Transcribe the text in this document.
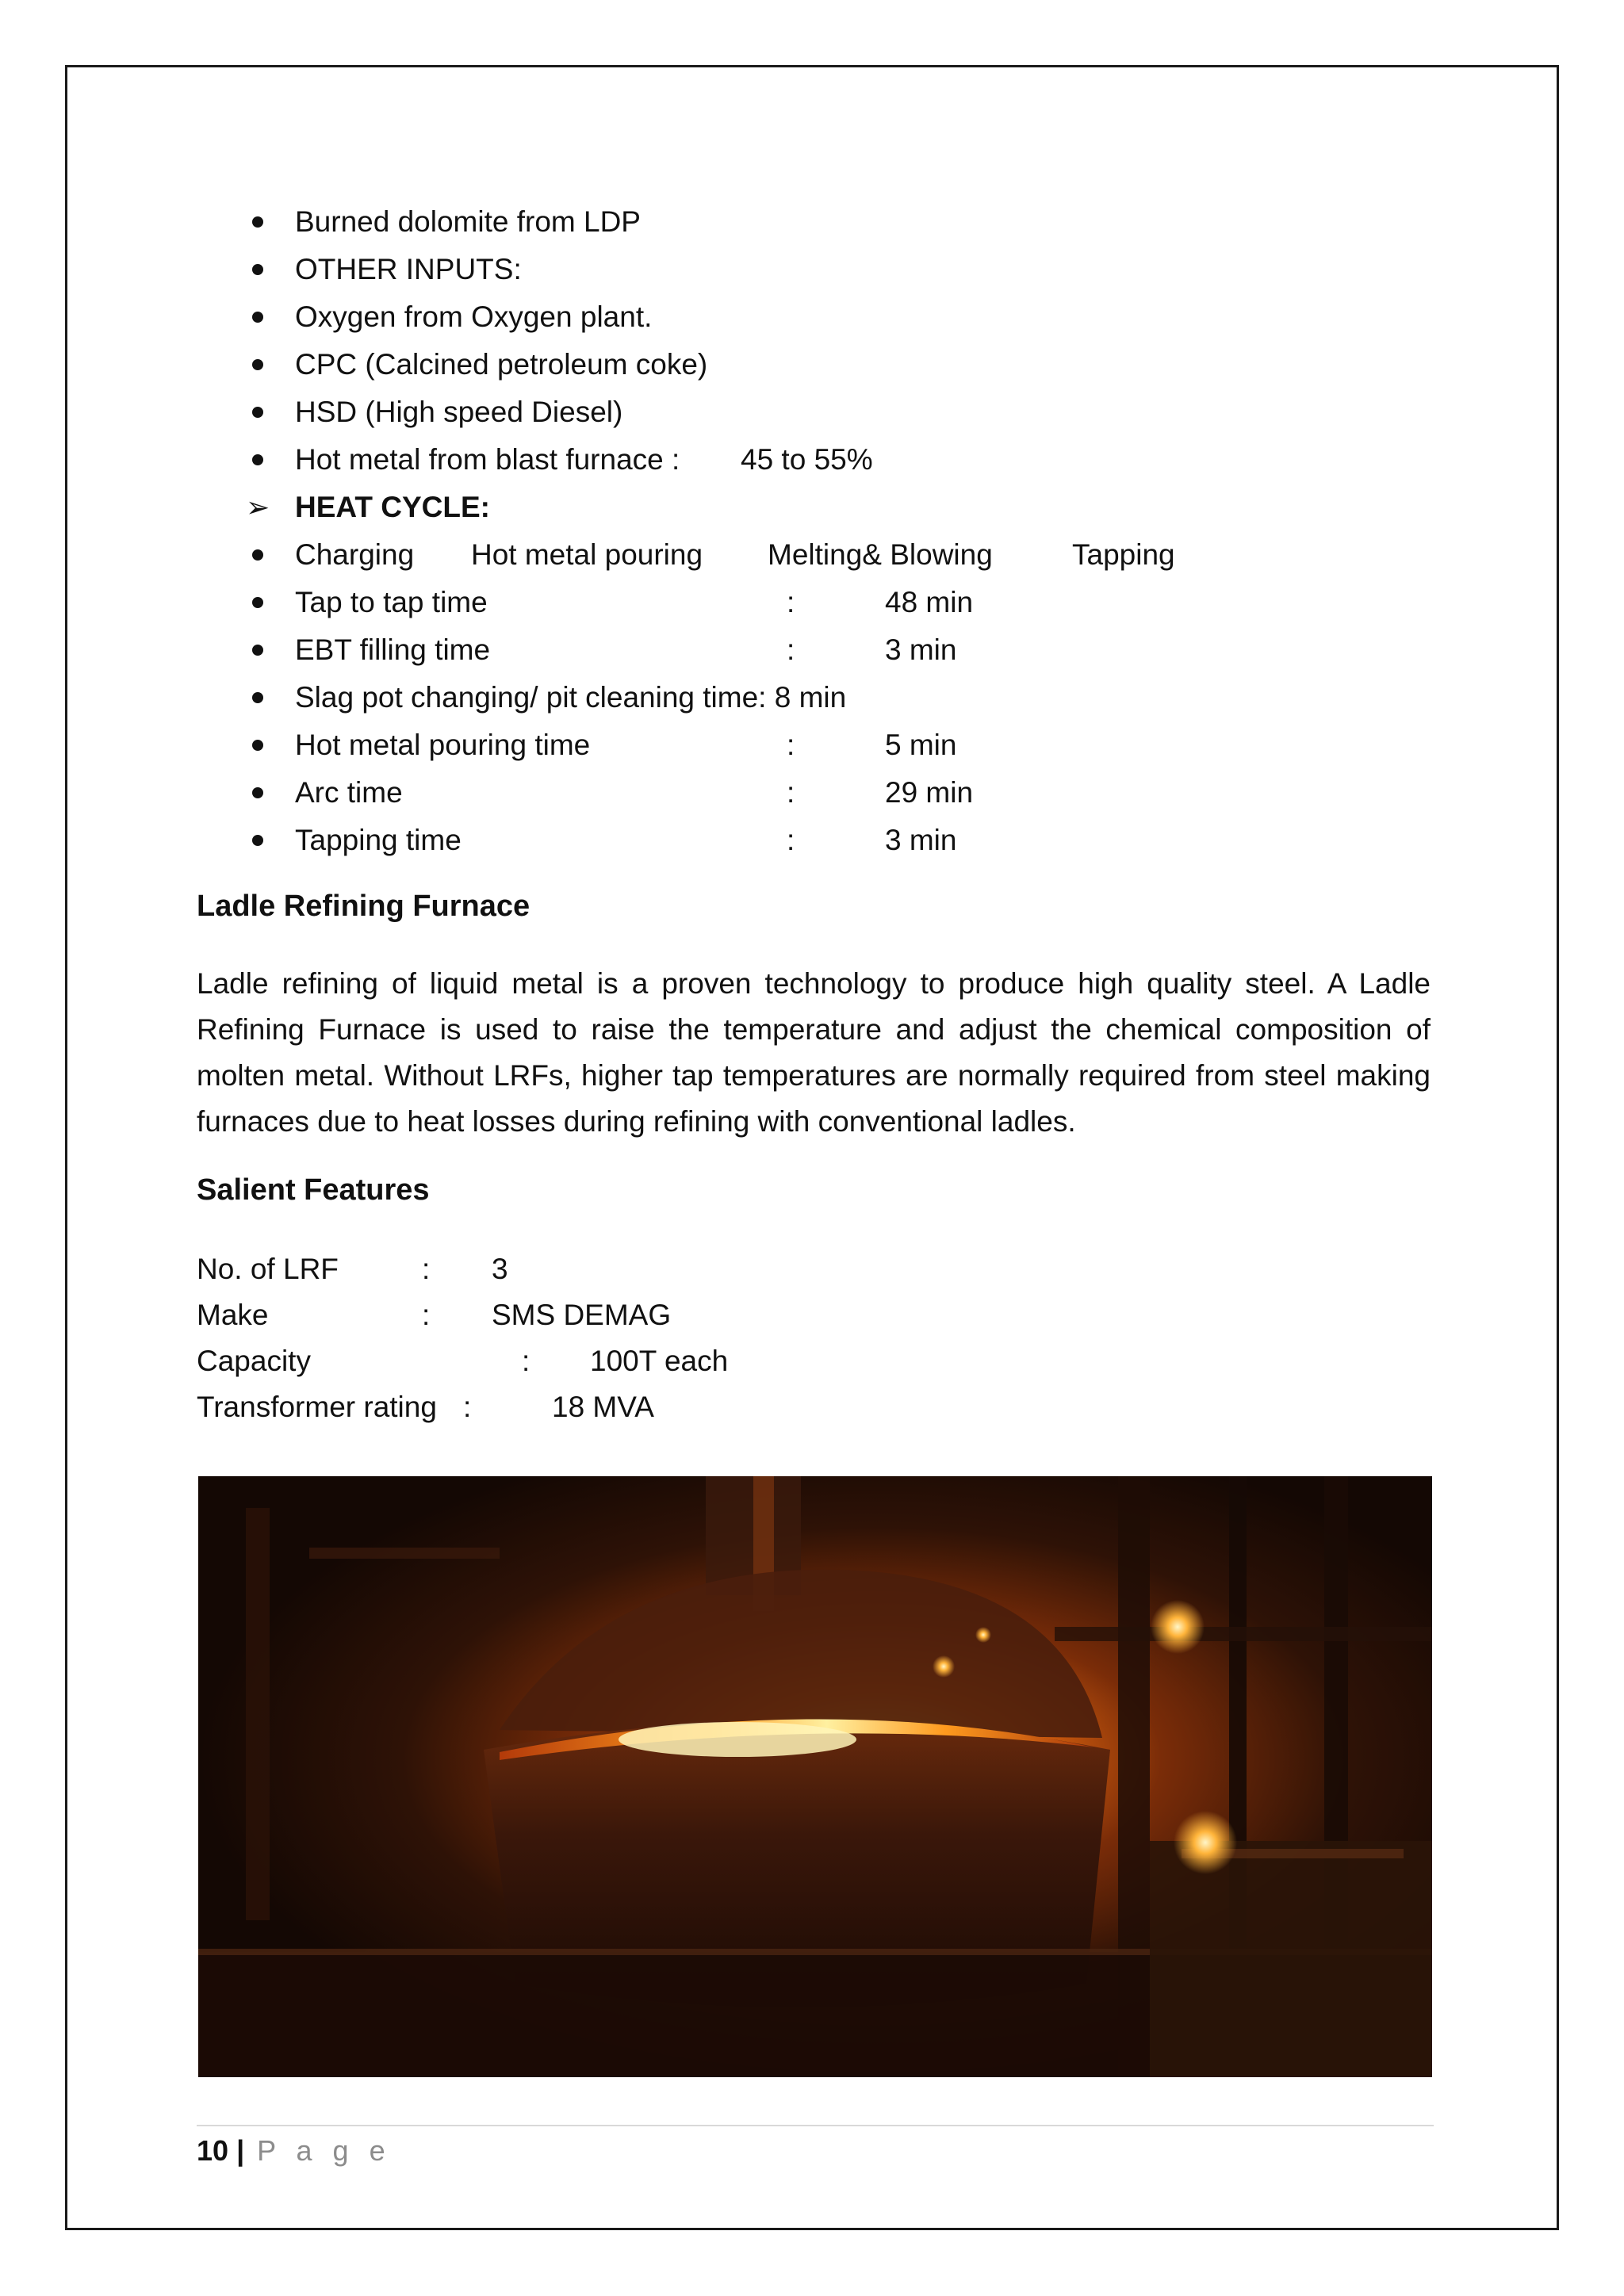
Burned dolomite from LDP
OTHER INPUTS:
Oxygen from Oxygen plant.
CPC (Calcined petroleum coke)
HSD (High speed Diesel)
Hot metal from blast furnace : 45 to 55%
➢ HEAT CYCLE:
Charging Hot metal pouring Melting& Blowing	Tapping
Tap to tap time	:	48 min
EBT filling time	:	3 min
Slag pot changing/ pit cleaning time: 8 min
Hot metal pouring time	:	5 min
Arc time	:	29 min
Tapping time	:	3 min
Ladle Refining Furnace
Ladle refining of liquid metal is a proven technology to produce high quality steel. A Ladle Refining Furnace is used to raise the temperature and adjust the chemical composition of molten metal. Without LRFs, higher tap temperatures are normally required from steel making furnaces due to heat losses during refining with conventional ladles.
Salient Features
No. of LRF	: 3
Make	: SMS DEMAG
Capacity	: 100T each
Transformer rating :	18 MVA
10 | P a g e
